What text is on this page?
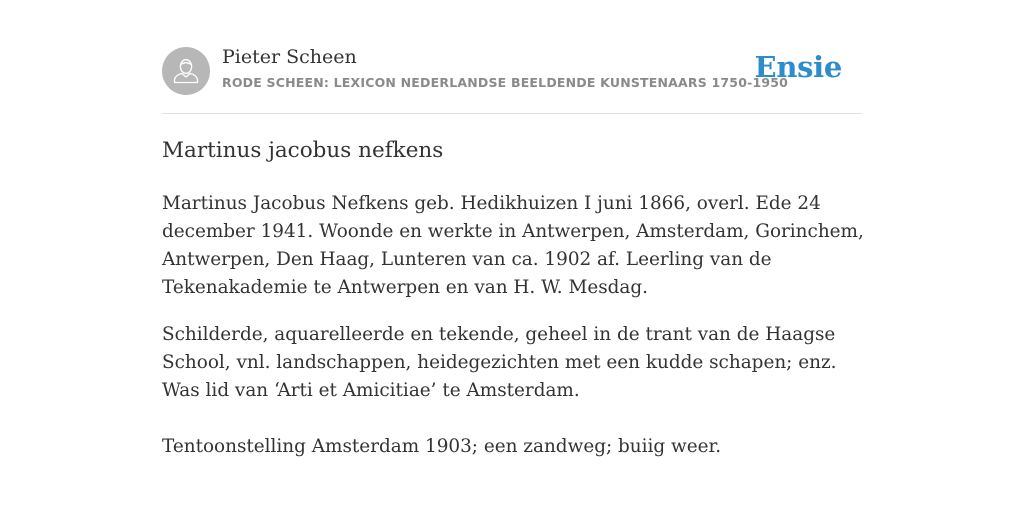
Pieter Scheen
RODE SCHEEN: LEXICON NEDERLANDSE BEELDENDE KUNSTENAARS 1750-1950
Ensie
Martinus jacobus nefkens

Martinus Jacobus Nefkens geb. Hedikhuizen I juni 1866, overl. Ede 24 december 1941. Woonde en werkte in Antwerpen, Amsterdam, Gorinchem, Antwerpen, Den Haag, Lunteren van ca. 1902 af. Leerling van de Tekenakademie te Antwerpen en van H. W. Mesdag.

Schilderde, aquarelleerde en tekende, geheel in de trant van de Haagse School, vnl. landschappen, heidegezichten met een kudde schapen; enz. Was lid van ‘Arti et Amicitiae’ te Amsterdam.

Tentoonstelling Amsterdam 1903; een zandweg; buiig weer.
